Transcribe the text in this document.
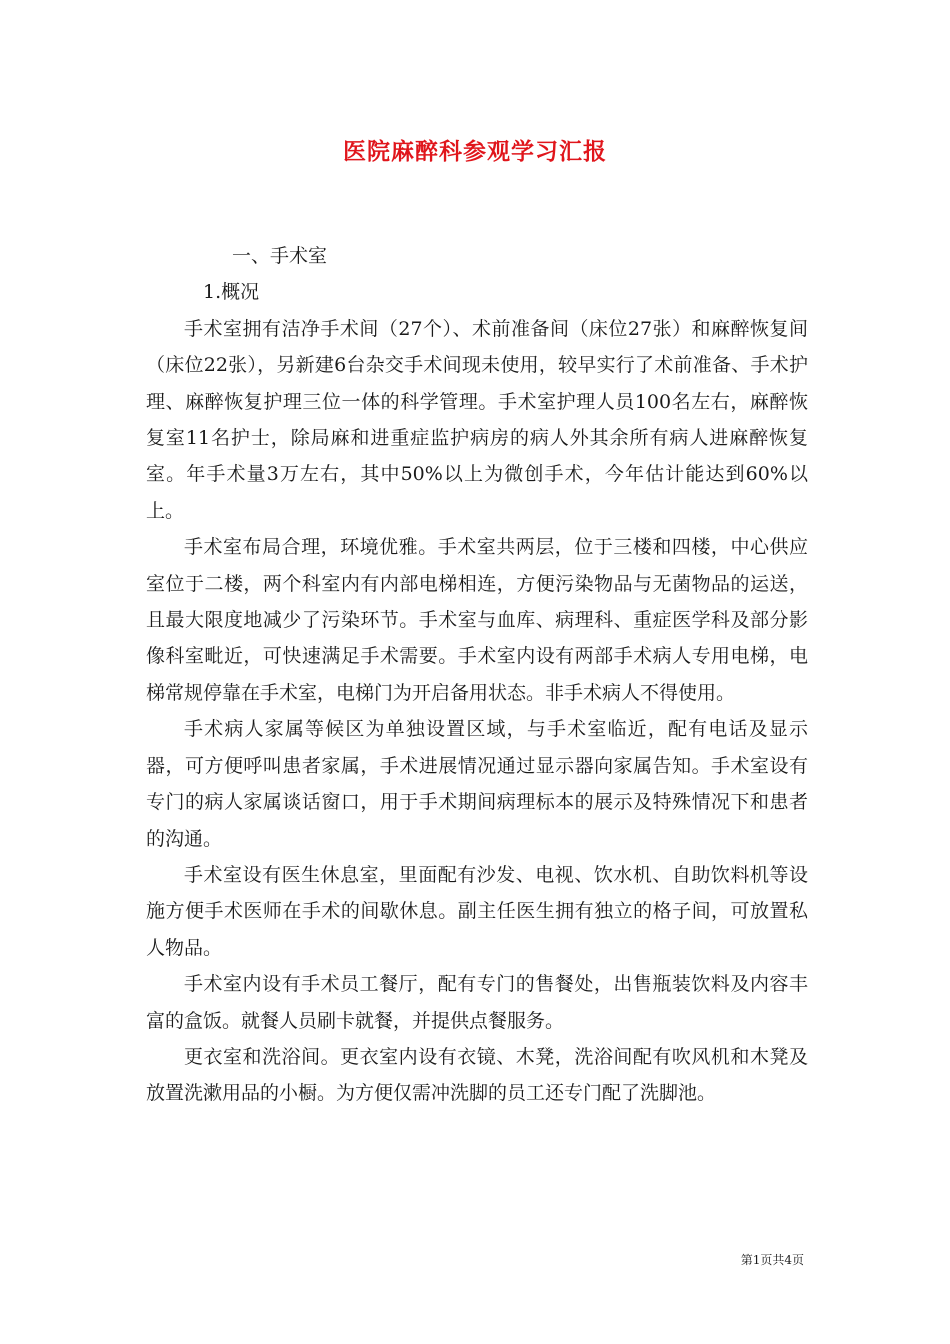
医院麻醉科参观学习汇报

一、手术室

1.概况

手术室拥有洁净手术间（27个）、术前准备间（床位27张）和麻醉恢复间（床位22张），另新建6台杂交手术间现未使用，较早实行了术前准备、手术护理、麻醉恢复护理三位一体的科学管理。手术室护理人员100名左右，麻醉恢复室11名护士，除局麻和进重症监护病房的病人外其余所有病人进麻醉恢复室。年手术量3万左右，其中50%以上为微创手术，今年估计能达到60%以上。

手术室布局合理，环境优雅。手术室共两层，位于三楼和四楼，中心供应室位于二楼，两个科室内有内部电梯相连，方便污染物品与无菌物品的运送，且最大限度地减少了污染环节。手术室与血库、病理科、重症医学科及部分影像科室毗近，可快速满足手术需要。手术室内设有两部手术病人专用电梯，电梯常规停靠在手术室，电梯门为开启备用状态。非手术病人不得使用。

手术病人家属等候区为单独设置区域，与手术室临近，配有电话及显示器，可方便呼叫患者家属，手术进展情况通过显示器向家属告知。手术室设有专门的病人家属谈话窗口，用于手术期间病理标本的展示及特殊情况下和患者的沟通。

手术室设有医生休息室，里面配有沙发、电视、饮水机、自助饮料机等设施方便手术医师在手术的间歇休息。副主任医生拥有独立的格子间，可放置私人物品。

手术室内设有手术员工餐厅，配有专门的售餐处，出售瓶装饮料及内容丰富的盒饭。就餐人员刷卡就餐，并提供点餐服务。

更衣室和洗浴间。更衣室内设有衣镜、木凳，洗浴间配有吹风机和木凳及放置洗漱用品的小橱。为方便仅需冲洗脚的员工还专门配了洗脚池。

第1页共4页
